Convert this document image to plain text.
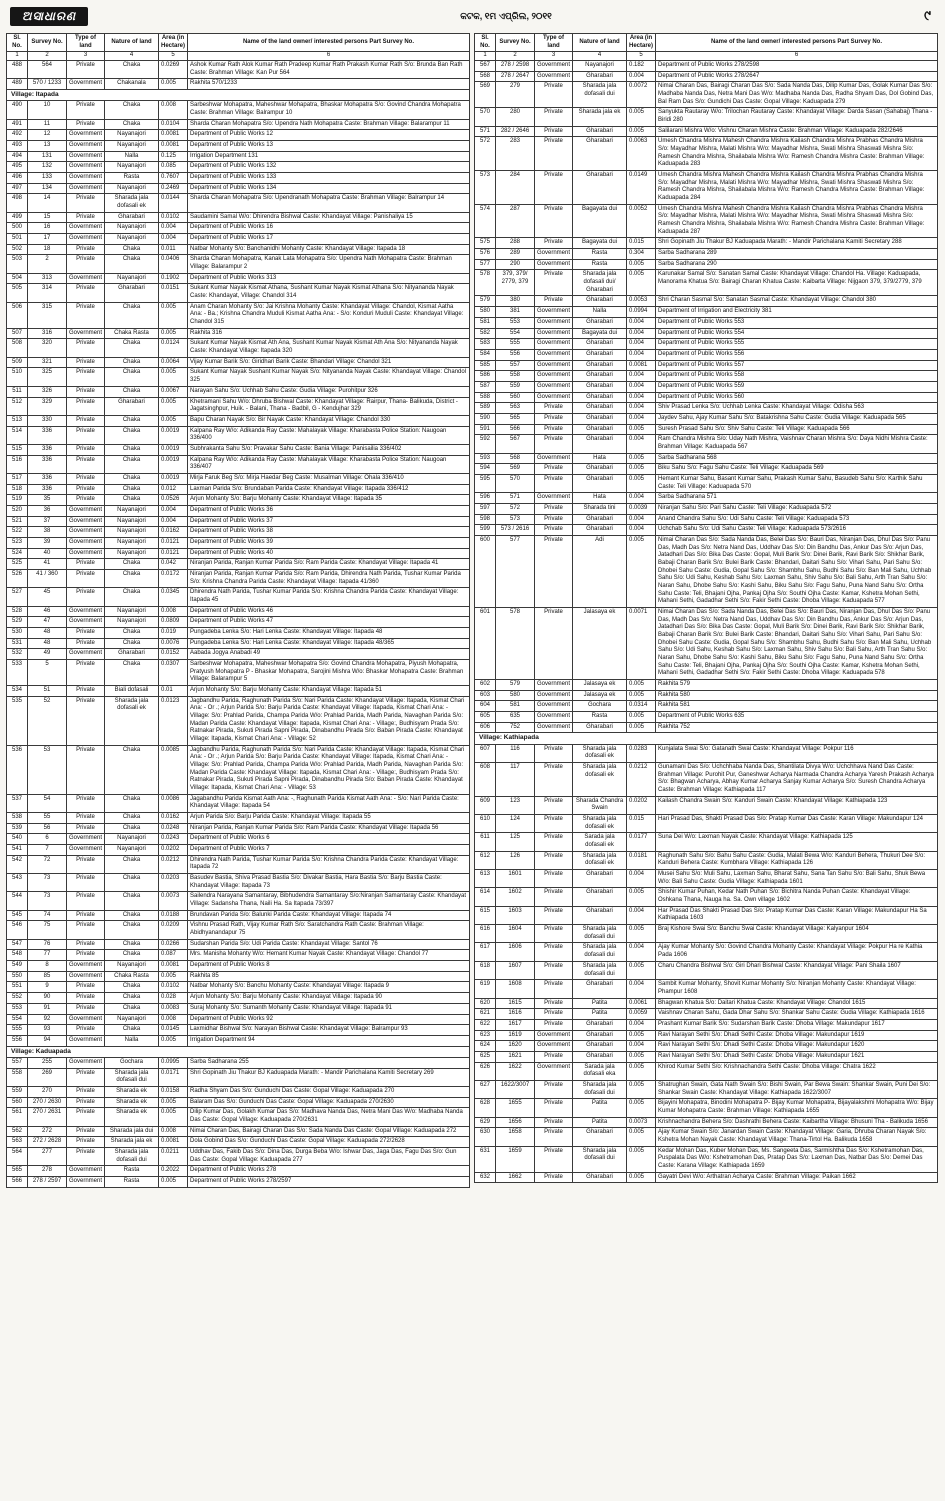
ଅସାଧାରଣ	କଟକ, ୧ମ ଏପ୍ରିଲ, ୨୦୧୧	୯
Sl. No.	Survey No.	Type of land	Nature of land	Area (in Hectare)	Name of the land owner/ interested persons Part Survey No.
1	2	3	4	5	6
488	564	Private	Chaka	0.0269	Ashok Kumar Rath Alok Kumar Rath Pradeep Kumar Rath Prakash Kumar Rath S/o: Brunda Ban Rath Caste: Brahman Village: Kan Pur 564
489	570 / 1233	Government	Chakanala	0.005	Rakhita 570/1233
Village: Itapada					
490	10	Private	Chaka	0.008	Sarbeshwar Mohapatra, Maheshwar Mohapatra, Bhaskar Mohapatra S/o: Govind Chandra Mohapatra Caste: Brahman Village: Balrampur 10
491	11	Private	Chaka	0.0104	Sharda Charan Mohapatra S/o: Upendra Nath Mohapatra Caste: Brahman Village: Balarampur 11
492	12	Government	Nayanajori	0.0081	Department of Public Works 12
493	13	Government	Nayanajori	0.0081	Department of Public Works 13
494	131	Government	Nalla	0.125	Irrigation Department 131
495	132	Government	Nayanajori	0.085	Department of Public Works 132
496	133	Government	Rasta	0.7607	Department of Public Works 133
497	134	Government	Nayanajori	0.2469	Department of Public Works 134
498	14	Private	Sharada jala dofasali ek	0.0144	Sharda Charan Mohapatra S/o: Upendranath Mohapatra Caste: Brahman Village: Balrampur 14
499	15	Private	Gharabari	0.0102	Saudamini Samal W/o: Dhirendra Bishwal Caste: Khandayat Village: Panishaliya 15
500	16	Government	Nayanajori	0.004	Department of Public Works 16
501	17	Government	Nayanajori	0.004	Department of Public Works 17
502	18	Private	Chaka	0.011	Natbar Mohanty S/o: Banchanidhi Mohanty Caste: Khandayat Village: Itapada 18
503	2	Private	Chaka	0.0406	Sharda Charan Mohapatra, Kanak Lata Mohapatra S/o: Upendra Nath Mohapatra Caste: Brahman Village: Balarampur 2
504	313	Government	Nayanajori	0.1902	Department of Public Works 313
505	314	Private	Gharabari	0.0151	Sukant Kumar Nayak Kismat Athana, Sushant Kumar Nayak Kismat Athana S/o: Nityananda Nayak Caste: Khandayat, Village: Chandol 314
506	315	Private	Chaka	0.005	Anam Charan Mohanty S/o: Jai Krishna Mohanty Caste: Khandayat Village: Chandol, Kismat Aatha Ana: - Ba.; Krishna Chandra Muduli Kismat Aatha Ana: - S/o: Konduri Muduli Caste: Khandayat Village: Chandol 315
507	316	Government	Chaka Rasta	0.005	Rakhita 316
508	320	Private	Chaka	0.0124	Sukant Kumar Nayak Kismat Ath Ana, Sushant Kumar Nayak Kismat Ath Ana S/o: Nityananda Nayak Caste: Khandayat Village: Itapada 320
509	321	Private	Chaka	0.0064	Vijay Kumar Barik S/o: Giridhari Barik Caste: Bhandari Village: Chandol 321
510	325	Private	Chaka	0.005	Sukant Kumar Nayak Sushant Kumar Nayak S/o: Nityananda Nayak Caste: Khandayat Village: Chandol 325
511	326	Private	Chaka	0.0067	Narayan Sahu S/o: Uchhab Sahu Caste: Gudia Village: Purohitpur 326
512	329	Private	Gharabari	0.005	Khetramani Sahu W/o: Dhruba Bishwal Caste: Khandayat Village: Rairpur, Thana- Balikuda, District - Jagatsinghpur, Huik. - Balani, Thana - Badbil, G - Kendujhar 329
513	330	Private	Chaka	0.005	Bapu Charan Nayak S/o: Bir Nayak Caste: Khandayat Village: Chandol 330
514	336	Private	Chaka	0.0019	Kalpana Ray W/o: Adikanda Ray Caste: Mahalayak Village: Kharabasta Police Station: Naugoan 336/400
515	336	Private	Chaka	0.0019	Subhrakanta Sahu S/o: Pravakar Sahu Caste: Bania Village: Panisailia 336/402
516	336	Private	Chaka	0.0019	Kalpana Ray W/o: Adikanda Ray Caste: Mahalayak Village: Kharabasta Police Station: Naugoan 336/407
517	336	Private	Chaka	0.0019	Mirja Faruk Beg S/o: Mirja Haedar Beg Caste: Musalman Village: Ohala 336/410
518	336	Private	Chaka	0.012	Laxman Parida S/o: Brundaban Parida Caste: Khandayat Village: Itapada 336/412
519	35	Private	Chaka	0.0526	Arjun Mohanty S/o: Barju Mohanty Caste: Khandayat Village: Itapada 35
520	36	Government	Nayanajori	0.004	Department of Public Works 36
521	37	Government	Nayanajori	0.004	Department of Public Works 37
522	38	Government	Nayanajori	0.0162	Department of Public Works 38
523	39	Government	Nayanajori	0.0121	Department of Public Works 39
524	40	Government	Nayanajori	0.0121	Department of Public Works 40
525	41	Private	Chaka	0.042	Niranjan Parida, Ranjan Kumar Parida S/o: Ram Parida Caste: Khandayat Village: Itapada 41
526	41 / 360	Private	Chaka	0.0172	Niranjan Parida, Ranjan Kumar Parida S/o: Ram Parida, Dhirendra Nath Parida, Tushar Kumar Parida S/o: Krishna Chandra Parida Caste: Khandayat Village: Itapada 41/360
527	45	Private	Chaka	0.0345	Dhirendra Nath Parida, Tushar Kumar Parida S/o: Krishna Chandra Parida Caste: Khandayat Village: Itapada 45
528	46	Government	Nayanajori	0.008	Department of Public Works 46
529	47	Government	Nayanajori	0.0809	Department of Public Works 47
530	48	Private	Chaka	0.019	Pungadeba Lenka S/o: Hari Lenka Caste: Khandayat Village: Itapada 48
531	48	Private	Chaka	0.0076	Pungadeba Lenka S/o: Hari Lenka Caste: Khandayat Village: Itapada 48/365
532	49	Government	Gharabari	0.0152	Aabada Jogya Anabadi 49
533	5	Private	Chaka	0.0307	Sarbeshwar Mohapatra, Maheshwar Mohapatra S/o: Govind Chandra Mohapatra, Piyush Mohapatra, Pratyush Mohapatra P - Bhaskar Mohapatra, Sarojini Mishra W/o: Bhaskar Mohapatra Caste: Brahman Village: Balarampur 5
534	51	Private	Biali dofasali	0.01	Arjun Mohanty S/o: Barju Mohanty Caste: Khandayat Village: Itapada 51
535	52	Private	Sharada jala dofasali ek	0.0123	Jagbandhu Parida, Raghunath Parida S/o: Nari Parida Caste: Khandayat Village: Itapada, Kismat Chari Ana: - Or .; Arjun Parida S/o: Barju Parida Caste: Khandayat Village: Itapada, Kismat Chari Ana: - Village: S/o: Prahlad Parida, Champa Parida W/o: Prahlad Parida, Madh Parida, Navaghan Parida S/o: Madan Parida Caste: Khandayat Village: Itapada, Kismat Chari Ana: - Village:, Budhisyam Prada S/o: Ratnakar Pirada, Sukuti Pirada Sapni Pirada, Dinabandhu Pirada S/o: Baban Pirada Caste: Khandayat Village: Itapada, Kismat Chari Ana: - Village: 52
536	53	Private	Chaka	0.0085	Jagbandhu Parida, Raghunath Parida S/o: Nari Parida Caste: Khandayat Village: Itapada, Kismat Chari Ana: - Or .; Arjun Parida S/o: Barju Parida Caste: Khandayat Village: Itapada, Kismat Chari Ana: - Village: S/o: Prahlad Parida, Champa Parida W/o: Prahlad Parida, Madh Parida, Navaghan Parida S/o: Madan Parida Caste: Khandayat Village: Itapada, Kismat Chari Ana: - Village:, Budhisyam Prada S/o: Ratnakar Pirada, Sukuti Pirada Sapni Pirada, Dinabandhu Pirada S/o: Baban Pirada Caste: Khandayat Village: Itapada, Kismat Chari Ana: - Village: 53
537	54	Private	Chaka	0.0086	Jagabandhu Parida Kismat Aath Ana: -, Raghunath Parida Kismat Aath Ana: - S/o: Nari Parida Caste: Khandayat Village: Itapada 54
538	55	Private	Chaka	0.0162	Arjun Parida S/o: Barju Parida Caste: Khandayat Village: Itapada 55
539	56	Private	Chaka	0.0248	Niranjan Parida, Ranjan Kumar Parida S/o: Ram Parida Caste: Khandayat Village: Itapada 56
540	6	Government	Nayanajori	0.0243	Department of Public Works 6
541	7	Government	Nayanajori	0.0202	Department of Public Works 7
542	72	Private	Chaka	0.0212	Dhirendra Nath Parida, Tushar Kumar Parida S/o: Krishna Chandra Parida Caste: Khandayat Village: Itapada 72
543	73	Private	Chaka	0.0203	Basudev Bastia, Shiva Prasad Bastia S/o: Divakar Bastia, Hara Bastia S/o: Barju Bastia Caste: Khandayat Village: Itapada 73
544	73	Private	Chaka	0.0073	Sailendra Narayana Samantaray, Bibhudendra Samantaray S/o:Niranjan Samantaray Caste: Khandayat Village: Sadansha Thana, Naili Ha. Sa Itapada 73/397
545	74	Private	Chaka	0.0188	Brundavan Parida S/o: Balunki Parida Caste: Khandayat Village: Itapada 74
546	75	Private	Chaka	0.0209	Vishnu Prasad Rath, Vijay Kumar Rath S/o: Saratchandra Rath Caste: Brahman Village: Abidhyanandapur 75
547	76	Private	Chaka	0.0266	Sudarshan Parida S/o: Udi Parida Caste: Khandayat Village: Santol 76
548	77	Private	Chaka	0.087	Mrs. Manisha Mohanty W/o: Hemant Kumar Nayak Caste: Khandayat Village: Chandol 77
549	8	Government	Nayanajori	0.0081	Department of Public Works 8
550	85	Government	Chaka Rasta	0.005	Rakhita 85
551	9	Private	Chaka	0.0102	Natbar Mohanty S/o: Banchu Mohanty Caste: Khandayat Village: Itapada 9
552	90	Private	Chaka	0.028	Arjun Mohanty S/o: Barju Mohanty Caste: Khandayat Village: Itapada 90
553	91	Private	Chaka	0.0083	Suraj Mohanty S/o: Sumanth Mohanty Caste: Khandayat Village: Itapada 91
554	92	Government	Nayanajori	0.008	Department of Public Works 92
555	93	Private	Chaka	0.0145	Laxmidhar Bishwal S/o: Narayan Bishwal Caste: Khandayat Village: Balrampur 93
556	94	Government	Nalla	0.005	Irrigation Department 94
Village: Kaduapada					
557	255	Government	Gochara	0.0995	Sarba Sadharana 255
558	269	Private	Sharada jala dofasali dui	0.0171	Shri Gopinath Jiu Thakur BJ Kaduapada Marath: - Mandir Parichalana Kamiti Secretary 269
559	270	Private	Sharada ek	0.0158	Radha Shyam Das S/o: Gunduchi Das Caste: Gopal Village: Kaduapada 270
560	270 / 2630	Private	Sharada ek	0.005	Balaram Das S/o: Gunduchi Das Caste: Gopal Village: Kaduapada 270/2630
561	270 / 2631	Private	Sharada ek	0.005	Dilip Kumar Das, Golakh Kumar Das S/o: Madhava Nanda Das, Netra Mani Das W/o: Madhaba Nanda Das Caste: Gopal Village: Kaduapada 270/2631
562	272	Private	Sharada jala dui	0.008	Nimai Charan Das, Bairagi Charan Das S/o: Sada Nanda Das Caste: Gopal Village: Kaduapada 272
563	272 / 2628	Private	Sharada jala ek	0.0081	Dola Gobind Das S/o: Gunduchi Das Caste: Gopal Village: Kaduapada 272/2628
564	277	Private	Sharada jala dofasali dui	0.0211	Uddhav Das, Fakib Das S/o: Dina Das, Durga Beba W/o: Ishwar Das, Jaga Das, Fagu Das S/o: Gun Das Caste: Gopal Village: Kaduapada 277
565	278	Government	Rasta	0.2022	Department of Public Works 278
566	278 / 2597	Government	Rasta	0.005	Department of Public Works 278/2597
Sl. No.	Survey No.	Type of land	Nature of land	Area (in Hectare)	Name of the land owner/ interested persons Part Survey No.
1	2	3	4	5	6
567	278 / 2598	Government	Nayanajori	0.182	Department of Public Works 278/2598
568	278 / 2647	Government	Gharabari	0.004	Department of Public Works 278/2647
569	279	Private	Sharada jala dofasali dui	0.0072	Nimai Charan Das, Bairagi Charan Das S/o: Sada Nanda Das, Dilip Kumar Das, Golak Kumar Das S/o: Madhaba Nanda Das, Netra Mani Das W/o: Madhaba Nanda Das, Radha Shyam Das, Dol Gobind Das, Bal Ram Das S/o: Gundichi Das Caste: Gopal Village: Kaduapada 279
570	280	Private	Sharada jala ek	0.005	Sanyukta Rautaray W/o: Trilochan Rautaray Caste: Khandayat Village: Darda Sasan (Sahabaj) Thana - Biridi 280
571	282 / 2646	Private	Gharabari	0.005	Salilarani Mishra W/o: Vishnu Charan Mishra Caste: Brahman Village: Kaduapada 282/2646
572	283	Private	Gharabari	0.0063	Umesh Chandra Mishra Mahesh Chandra Mishra Kailash Chandra Mishra Prabhas Chandra Mishra S/o: Mayadhar Mishra, Malati Mishra W/o: Mayadhar Mishra, Swati Mishra Shaswati Mishra S/o: Ramesh Chandra Mishra, Shailabala Mishra W/o: Ramesh Chandra Mishra Caste: Brahman Village: Kaduapada 283
573	284	Private	Gharabari	0.0149	Umesh Chandra Mishra Mahesh Chandra Mishra Kailash Chandra Mishra Prabhas Chandra Mishra S/o: Mayadhar Mishra, Malati Mishra W/o: Mayadhar Mishra, Swati Mishra Shaswati Mishra S/o: Ramesh Chandra Mishra, Shailabala Mishra W/o: Ramesh Chandra Mishra Caste: Brahman Village: Kaduapada 284
574	287	Private	Bagayata dui	0.0052	Umesh Chandra Mishra Mahesh Chandra Mishra Kailash Chandra Mishra Prabhas Chandra Mishra S/o: Mayadhar Mishra, Malati Mishra W/o: Mayadhar Mishra, Swati Mishra Shaswati Mishra S/o: Ramesh Chandra Mishra, Shailabala Mishra W/o: Ramesh Chandra Mishra Caste: Brahman Village: Kaduapada 287
575	288	Private	Bagayata dui	0.015	Shri Gopinath Jiu Thakur BJ Kaduapada Marath: - Mandir Parichalana Kamiti Secretary 288
576	289	Government	Rasta	0.304	Sarba Sadharana 289
577	290	Government	Rasta	0.005	Sarba Sadharana 290
578	379, 379/ 2779, 379	Private	Sharada jala dofasali dui/ Gharabari	0.005	Karunakar Samal S/o: Sanatan Samal Caste: Khandayat Village: Chandol Ha. Village: Kaduapada, Manorama Khatua S/o: Bairagi Charan Khatua Caste: Kaibarta Village: Nijgaon 379, 379/2779, 379
579	380	Private	Gharabari	0.0053	Shri Charan Sasmal S/o: Sanatan Sasmal Caste: Khandayat Village: Chandol 380
580	381	Government	Nalla	0.0994	Department of Irrigation and Electricity 381
581	553	Government	Gharabari	0.004	Department of Public Works 553
582	554	Government	Bagayata dui	0.004	Department of Public Works 554
583	555	Government	Gharabari	0.004	Department of Public Works 555
584	556	Government	Gharabari	0.004	Department of Public Works 556
585	557	Government	Gharabari	0.0081	Department of Public Works 557
586	558	Government	Gharabari	0.004	Department of Public Works 558
587	559	Government	Gharabari	0.004	Department of Public Works 559
588	560	Government	Gharabari	0.004	Department of Public Works 560
589	563	Private	Gharabari	0.004	Shiv Prasad Lenka S/o: Uchhab Lenka Caste: Khandayat Village: Odisha 563
590	565	Private	Gharabari	0.004	Jaydev Sahu, Ajay Kumar Sahu S/o: Batakrishna Sahu Caste: Gudia Village: Kaduapada 565
591	566	Private	Gharabari	0.005	Suresh Prasad Sahu S/o: Shiv Sahu Caste: Teli Village: Kaduapada 566
592	567	Private	Gharabari	0.004	Ram Chandra Mishra S/o: Uday Nath Mishra, Vaishnav Charan Mishra S/o: Daya Nidhi Mishra Caste: Brahman Village: Kaduapada 567
593	568	Government	Hata	0.005	Sarba Sadharana 568
594	569	Private	Gharabari	0.005	Biku Sahu S/o: Fagu Sahu Caste: Teli Village: Kaduapada 569
595	570	Private	Gharabari	0.005	Hemant Kumar Sahu, Basant Kumar Sahu, Prakash Kumar Sahu, Basudeb Sahu S/o: Karthik Sahu Caste: Teli Village: Kaduapada 570
596	571	Government	Hata	0.004	Sarba Sadharana 571
597	572	Private	Sharada tini	0.0039	Niranjan Sahu S/o: Pari Sahu Caste: Teli Village: Kaduapada 572
598	573	Private	Gharabari	0.004	Anand Chandra Sahu S/o: Udi Sahu Caste: Teli Village: Kaduapada 573
599	573 / 2616	Private	Gharabari	0.004	Uchchab Sahu S/o: Udi Sahu Caste: Teli Village: Kaduapada 573/2616
600	577	Private	Adi	0.005	Nimai Charan Das S/o: Sada Nanda Das, Belei Das S/o: Bauri Das, Niranjan Das, Dhul Das S/o: Panu Das, Madh Das S/o: Netra Nand Das, Uddhav Das S/o: Din Bandhu Das, Ankur Das S/o: Arjun Das, Jatadhari Das S/o: Bika Das Caste: Gopal, Muli Barik S/o: Dinei Barik, Ravi Barik S/o: Shikhar Barik, Babaji Charan Barik S/o: Bulei Barik Caste: Bhandari, Daitari Sahu S/o: Vihari Sahu, Pari Sahu S/o: Dhobei Sahu Caste: Gudia, Gopal Sahu S/o: Shambhu Sahu, Budhi Sahu S/o: Ban Mali Sahu, Uchhab Sahu S/o: Udi Sahu, Keshab Sahu S/o: Laxman Sahu, Shiv Sahu S/o: Bali Sahu, Arth Tran Sahu S/o: Naran Sahu, Dhobe Sahu S/o: Kashi Sahu, Biku Sahu S/o: Fagu Sahu, Puna Nand Sahu S/o: Ortha Sahu Caste: Teli, Bhajani Ojha, Pankaj Ojha S/o: Southi Ojha Caste: Kamar, Kshetra Mohan Sethi, Mahani Sethi, Gadadhar Sethi S/o: Fakir Sethi Caste: Dhoba Village: Kaduapada 577
601	578	Private	Jalasaya ek	0.0071	Nimai Charan Das S/o: Sada Nanda Das, Belei Das S/o: Bauri Das, Niranjan Das, Dhul Das S/o: Panu Das, Madh Das S/o: Netra Nand Das, Uddhav Das S/o: Din Bandhu Das, Ankur Das S/o: Arjun Das, Jatadhari Das S/o: Bika Das Caste: Gopal, Muli Barik S/o: Dinei Barik, Ravi Barik S/o: Shikhar Barik, Babaji Charan Barik S/o: Bulei Barik Caste: Bhandari, Daitari Sahu S/o: Vihari Sahu, Pari Sahu S/o: Dhobei Sahu Caste: Gudia, Gopal Sahu S/o: Shambhu Sahu, Budhi Sahu S/o: Ban Mali Sahu, Uchhab Sahu S/o: Udi Sahu, Keshab Sahu S/o: Laxman Sahu, Shiv Sahu S/o: Bali Sahu, Arth Tran Sahu S/o: Naran Sahu, Dhobe Sahu S/o: Kashi Sahu, Biku Sahu S/o: Fagu Sahu, Puna Nand Sahu S/o: Ortha Sahu Caste: Teli, Bhajani Ojha, Pankaj Ojha S/o: Southi Ojha Caste: Kamar, Kshetra Mohan Sethi, Mahani Sethi, Gadadhar Sethi S/o: Fakir Sethi Caste: Dhoba Village: Kaduapada 578
602	579	Government	Jalasaya ek	0.005	Rakhita 579
603	580	Government	Jalasaya ek	0.005	Rakhita 580
604	581	Government	Gochara	0.0314	Rakhita 581
605	635	Government	Rasta	0.005	Department of Public Works 635
606	752	Government	Gharabari	0.005	Rakhita 752
Village: Kathiapada					
607	116	Private	Sharada jala dofasali ek	0.0283	Kunjalata Swai S/o: Gatanath Swai Caste: Khandayat Village: Pokpur 116
608	117	Private	Sharada jala dofasali ek	0.0212	Gunamani Das S/o: Uchchhaba Nanda Das, Shantilata Divya W/o: Uchchhava Nand Das Caste: Brahman Village: Purohit Pur, Ganeshwar Acharya Narmada Chandra Acharya Yaresh Prakash Acharya S/o: Bhagwan Acharya, Abhay Kumar Acharya Sanjay Kumar Acharya S/o: Suresh Chandra Acharya Caste: Brahman Village: Kathiapada 117
609	123	Private	Sharada Chandra Swain	0.0202	Kailash Chandra Swain S/o: Kanduri Swain Caste: Khandayat Village: Kathiapada 123
610	124	Private	Sharada jala dofasali ek	0.015	Hari Prasad Das, Shakti Prasad Das S/o: Pratap Kumar Das Caste: Karan Village: Makundapur 124
611	125	Private	Sarada jala dofasali ek	0.0177	Suna Dei W/o: Laxman Nayak Caste: Khandayat Village: Kathiapada 125
612	126	Private	Sharada jala dofasali ek	0.0181	Raghunath Sahu S/o: Bahu Sahu Caste: Gudia, Malati Bewa W/o: Kanduri Behera, Thukuri Dee S/o: Kanduri Behera Caste: Kumbhara Village: Kathiapada 126
613	1601	Private	Gharabari	0.004	Musei Sahu S/o: Muli Sahu, Laxman Sahu, Bharat Sahu, Sana Tan Sahu S/o: Bali Sahu, Shuk Bewa W/o: Bali Sahu Caste: Gudia Village: Kathiapada 1601
614	1602	Private	Gharabari	0.005	Shishir Kumar Puhan, Kedar Nath Puhan S/o: Bichitra Nanda Puhan Caste: Khandayat Village: Oshkana Thana, Nauga ha. Sa. Own village 1602
615	1603	Private	Gharabari	0.004	Har Prasad Das Shakti Prasad Das S/o: Pratap Kumar Das Caste: Karan Village: Makundapur Ha Sa Kathiapada 1603
616	1604	Private	Sharada jala dofasali dui	0.005	Braj Kishore Swai S/o: Banchu Swai Caste: Khandayat Village: Kalyanpur 1604
617	1606	Private	Sharada jala dofasali dui	0.004	Ajay Kumar Mohanty S/o: Govind Chandra Mohanty Caste: Khandayat Village: Pokpur Ha re Kathia Pada 1606
618	1607	Private	Sharada jala dofasali dui	0.005	Charu Chandra Bishwal S/o: Giri Dhari Bishwal Caste: Khandayat Village: Pani Shaila 1607
619	1608	Private	Gharabari	0.004	Sambit Kumar Mohanty, Shovit Kumar Mohanty S/o: Niranjan Mohanty Caste: Khandayat Village: Phampur 1608
620	1615	Private	Patita	0.0061	Bhagwan Khatua S/o: Daitari Khatua Caste: Khandayat Village: Chandol 1615
621	1616	Private	Patita	0.0059	Vaishnav Charan Sahu, Gada Dhar Sahu S/o: Shankar Sahu Caste: Gudia Village: Kathiapada 1616
622	1617	Private	Gharabari	0.004	Prashant Kumar Barik S/o: Sudarshan Barik Caste: Dhoba Village: Makundapur 1617
623	1619	Government	Gharabari	0.005	Ravi Narayan Sethi S/o: Dhadi Sethi Caste: Dhoba Village: Makundapur 1619
624	1620	Government	Gharabari	0.004	Ravi Narayan Sethi S/o: Dhadi Sethi Caste: Dhoba Village: Makundapur 1620
625	1621	Private	Gharabari	0.005	Ravi Narayan Sethi S/o: Dhadi Sethi Caste: Dhoba Village: Makundapur 1621
626	1622	Government	Sarada jala dofasali eka	0.005	Khirod Kumar Sethi S/o: Krishnachandra Sethi Caste: Dhoba Village: Chatra 1622
627	1622/3007	Private	Sharada jala dofasali dui	0.005	Shatrughan Swain, Gata Nath Swain S/o: Bishi Swain, Par Bewa Swain: Shankar Swain, Puni Dei S/o: Shankar Swain Caste: Khandayat Village: Kathiapada 1622/3007
628	1655	Private	Patita	0.005	Bijayini Mohapatra, Binodini Mohapatra P- Bijay Kumar Mohapatra, Bijayalakshmi Mohapatra W/o: Bijay Kumar Mohapatra Caste: Brahman Village: Kathiapada 1655
629	1656	Private	Patita	0.0073	Krishnachandra Behera S/o: Dashrathi Behera Caste: Kaibartha Village: Bhusuni Tha - Balikuda 1656
630	1658	Private	Gharabari	0.005	Ajay Kumar Swain S/o: Janardan Swain Caste: Khandayat Village: Garia, Dhruba Charan Nayak S/o: Kshetra Mohan Nayak Caste: Khandayat Village: Thana-Tirtol Ha. Balikuda 1658
631	1659	Private	Sharada jala dofasali dui	0.005	Kedar Mohan Das, Kuber Mohan Das, Ms. Sangeeta Das, Sarmishtha Das S/o: Kshetramohan Das, Puspalata Das W/o: Kshetramohan Das, Pratap Das S/o: Laxman Das, Natbar Das S/o: Demei Das Caste: Karana Village: Kathiapada 1659
632	1662	Private	Gharabari	0.005	Gayatri Devi W/o: Arthatran Acharya Caste: Brahman Village: Paikan 1662
